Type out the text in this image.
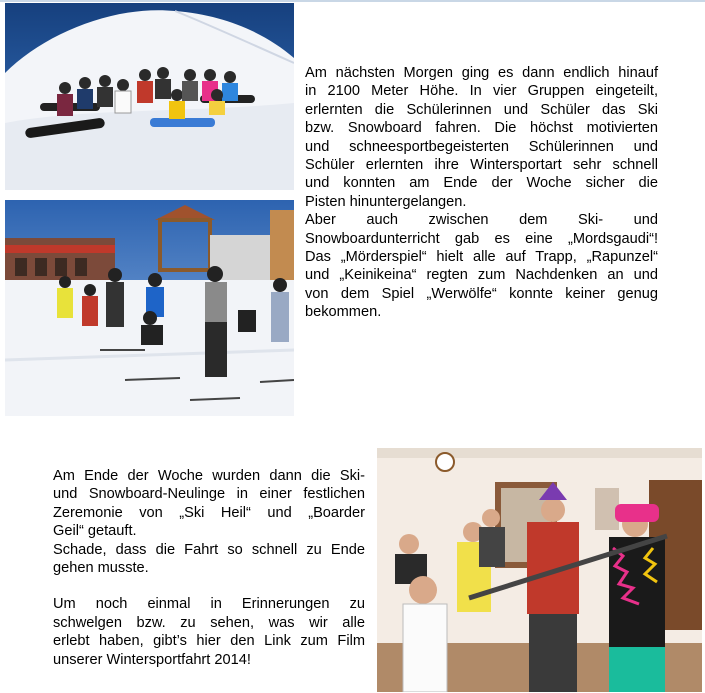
Am nächsten Morgen ging es dann endlich hinauf

in 2100 Meter Höhe. In vier Gruppen eingeteilt,

erlernten die Schülerinnen und Schüler das Ski

bzw. Snowboard fahren. Die höchst motivierten

und schneesportbegeisterten Schülerinnen und

Schüler erlernten ihre Wintersportart sehr schnell

und konnten am Ende der Woche sicher die

Pisten hinuntergelangen.

Aber auch zwischen dem Ski- und

Snowboardunterricht gab es eine „Mordsgaudi“!

Das „Mörderspiel“ hielt alle auf Trapp, „Rapunzel“

und „Keinikeina“ regten zum Nachdenken an und

von dem Spiel „Werwölfe“ konnte keiner genug

bekommen.

Am Ende der Woche wurden dann die Ski-

und Snowboard-Neulinge in einer festlichen

Zeremonie von „Ski Heil“ und „Boarder

Geil“ getauft.

Schade, dass die Fahrt so schnell zu Ende

gehen musste.

Um noch einmal in Erinnerungen zu

schwelgen bzw. zu sehen, was wir alle

erlebt haben, gibt’s hier den Link zum Film

unserer Wintersportfahrt 2014!
